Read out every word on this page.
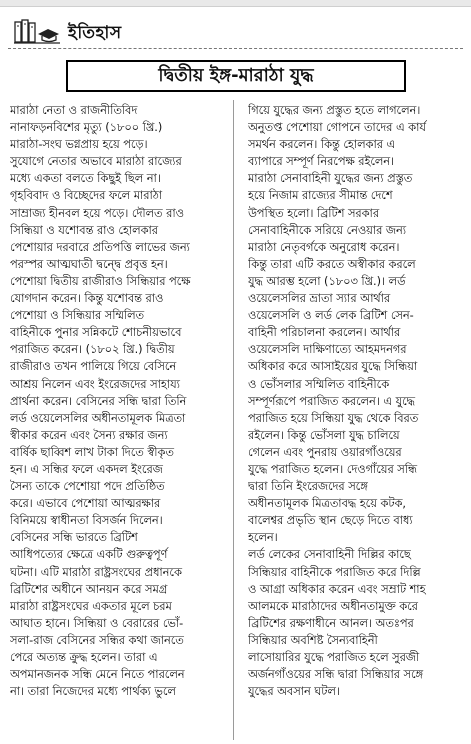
ইতিহাস
দ্বিতীয় ইঙ্গ-মারাঠা যুদ্ধ
মারাঠা নেতা ও রাজনীতিবিদ
নানাফড়নবিশের মৃত্যু (১৮০০ খ্রি.)
মারাঠা-সংঘ ভগ্নপ্রায় হয়ে পড়ে।
সুযোগে নেতার অভাবে মারাঠা রাজ্যের
মধ্যে একতা বলতে কিছুই ছিল না।
গৃহবিবাদ ও বিচ্ছেদের ফলে মারাঠা
সাম্রাজ্য হীনবল হয়ে পড়ে। দৌলত রাও
সিন্ধিয়া ও যশোবন্ত রাও হোলকার
পেশোয়ার দরবারে প্রতিপত্তি লাভের জন্য
পরস্পর আত্মঘাতী দ্বন্দ্বে প্রবৃত্ত হন।
পেশোয়া দ্বিতীয় রাজীরাও সিন্ধিয়ার পক্ষে
যোগদান করেন। কিন্তু যশোবন্ত রাও
পেশোয়া ও সিন্ধিয়ার সম্মিলিত
বাহিনীকে পুনার সন্নিকটে শোচনীয়ভাবে
পরাজিত করেন। (১৮০২ খ্রি.) দ্বিতীয়
রাজীরাও তখন পালিয়ে গিয়ে বেসিনে
আশ্রয় নিলেন এবং ইংরেজদের সাহায্য
প্রার্থনা করেন। বেসিনের সন্ধি দ্বারা তিনি
লর্ড ওয়েলেসলির অধীনতামূলক মিত্রতা
স্বীকার করেন এবং সৈন্য রক্ষার জন্য
বার্ষিক ছাব্বিশ লাখ টাকা দিতে স্বীকৃত
হন। এ সন্ধির ফলে একদল ইংরেজ
সৈন্য তাকে পেশোয়া পদে প্রতিষ্ঠিত
করে। এভাবে পেশোয়া আত্মরক্ষার
বিনিময়ে স্বাধীনতা বিসর্জন দিলেন।
বেসিনের সন্ধি ভারতে ব্রিটিশ
আধিপত্যের ক্ষেত্রে একটি গুরুত্বপূর্ণ
ঘটনা। এটি মারাঠা রাষ্ট্রসংঘের প্রধানকে
ব্রিটিশের অধীনে আনয়ন করে সমগ্র
মারাঠা রাষ্ট্রসংঘের একতার মূলে চরম
আঘাত হানে। সিন্ধিয়া ও বেরারের ভোঁ-
সলা-রাজ বেসিনের সন্ধির কথা জানতে
পেরে অত্যন্ত ক্রুদ্ধ হলেন। তারা এ
অপমানজনক সন্ধি মেনে নিতে পারলেন
না। তারা নিজেদের মধ্যে পার্থক্য ভুলে
গিয়ে যুদ্ধের জন্য প্রস্তুত হতে লাগলেন।
অনুতপ্ত পেশোয়া গোপনে তাদের এ কার্য
সমর্থন করলেন। কিন্তু হোলকার এ
ব্যাপারে সম্পূর্ণ নিরপেক্ষ রইলেন।
মারাঠা সেনাবাহিনী যুদ্ধের জন্য প্রস্তুত
হয়ে নিজাম রাজ্যের সীমান্ত দেশে
উপস্থিত হলো। ব্রিটিশ সরকার
সেনাবাহিনীকে সরিয়ে নেওয়ার জন্য
মারাঠা নেতৃবর্গকে অনুরোধ করেন।
কিন্তু তারা এটি করতে অস্বীকার করলে
যুদ্ধ আরম্ভ হলো (১৮০৩ খ্রি.)। লর্ড
ওয়েলেসলির ভ্রাতা স্যার আর্থার
ওয়েলেসলি ও লর্ড লেক ব্রিটিশ সেন-
বাহিনী পরিচালনা করলেন। আর্থার
ওয়েলেসলি দাক্ষিণাত্যে আহমদনগর
অধিকার করে আসাইয়ের যুদ্ধে সিন্ধিয়া
ও ভোঁসলার সম্মিলিত বাহিনীকে
সম্পূর্ণরূপে পরাজিত করলেন। এ যুদ্ধে
পরাজিত হয়ে সিন্ধিয়া যুদ্ধ থেকে বিরত
রইলেন। কিন্তু ভোঁসলা যুদ্ধ চালিয়ে
গেলেন এবং পুনরায় ওয়ারগাঁওয়ের
যুদ্ধে পরাজিত হলেন। দেওগাঁয়ের সন্ধি
দ্বারা তিনি ইংরেজদের সঙ্গে
অধীনতামূলক মিত্রতাবদ্ধ হয়ে কটক,
বালেশ্বর প্রভৃতি স্থান ছেড়ে দিতে বাধ্য
হলেন।
লর্ড লেকের সেনাবাহিনী দিল্লির কাছে
সিন্ধিয়ার বাহিনীকে পরাজিত করে দিল্লি
ও আগ্রা অধিকার করেন এবং সম্রাট শাহ
আলমকে মারাঠাদের অধীনতামুক্ত করে
ব্রিটিশের রক্ষণাধীনে আনল। অতঃপর
সিন্ধিয়ার অবশিষ্ট সৈন্যবাহিনী
লাসোয়ারির যুদ্ধে পরাজিত হলে সুরজী
অর্জনগাঁওয়ের সন্ধি দ্বারা সিন্ধিয়ার সঙ্গে
যুদ্ধের অবসান ঘটল।
